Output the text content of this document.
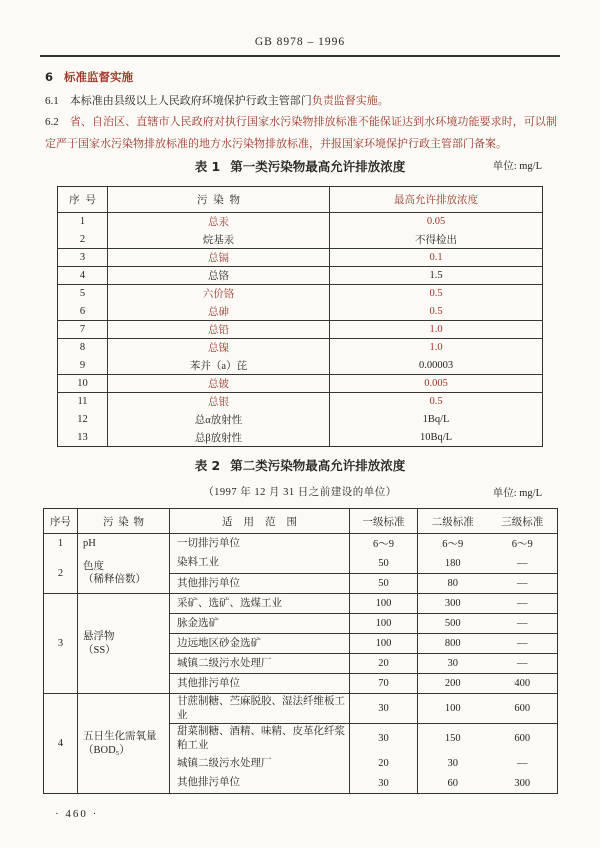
GB 8978 – 1996
6 标准监督实施

6.1 本标准由县级以上人民政府环境保护行政主管部门负责监督实施。

6.2 省、自治区、直辖市人民政府对执行国家水污染物排放标准不能保证达到水环境功能要求时，可以制定严于国家水污染物排放标准的地方水污染物排放标准，并报国家环境保护行政主管部门备案。

表 1 第一类污染物最高允许排放浓度	单位: mg/L
序号	污染物	最高允许排放浓度
1	总汞	0.05
2	烷基汞	不得检出
3	总镉	0.1
4	总铬	1.5
5	六价铬	0.5
6	总砷	0.5
7	总铅	1.0
8	总镍	1.0
9	苯并（a）芘	0.00003
10	总铍	0.005
11	总银	0.5
12	总α放射性	1Bq/L
13	总β放射性	10Bq/L
表 2 第二类污染物最高允许排放浓度
（1997 年 12 月 31 日之前建设的单位）	单位: mg/L
序号	污染物	适用范围	一级标准	二级标准	三级标准
1	pH	一切排污单位	6～9	6～9	6～9
2	色度
（稀释倍数）	染料工业	50	180	—
		其他排污单位	50	80	—
3	悬浮物
（SS）	采矿、选矿、选煤工业	100	300	—
		脉金选矿	100	500	—
		边远地区砂金选矿	100	800	—
		城镇二级污水处理厂	20	30	—
		其他排污单位	70	200	400
4	五日生化需氧量
（BOD₅）	甘蔗制糖、苎麻脱胶、湿法纤维板工业	30	100	600
		甜菜制糖、酒精、味精、皮革化纤浆粕工业	30	150	600
		城镇二级污水处理厂	20	30	—
		其他排污单位	30	60	300
· 460 ·
